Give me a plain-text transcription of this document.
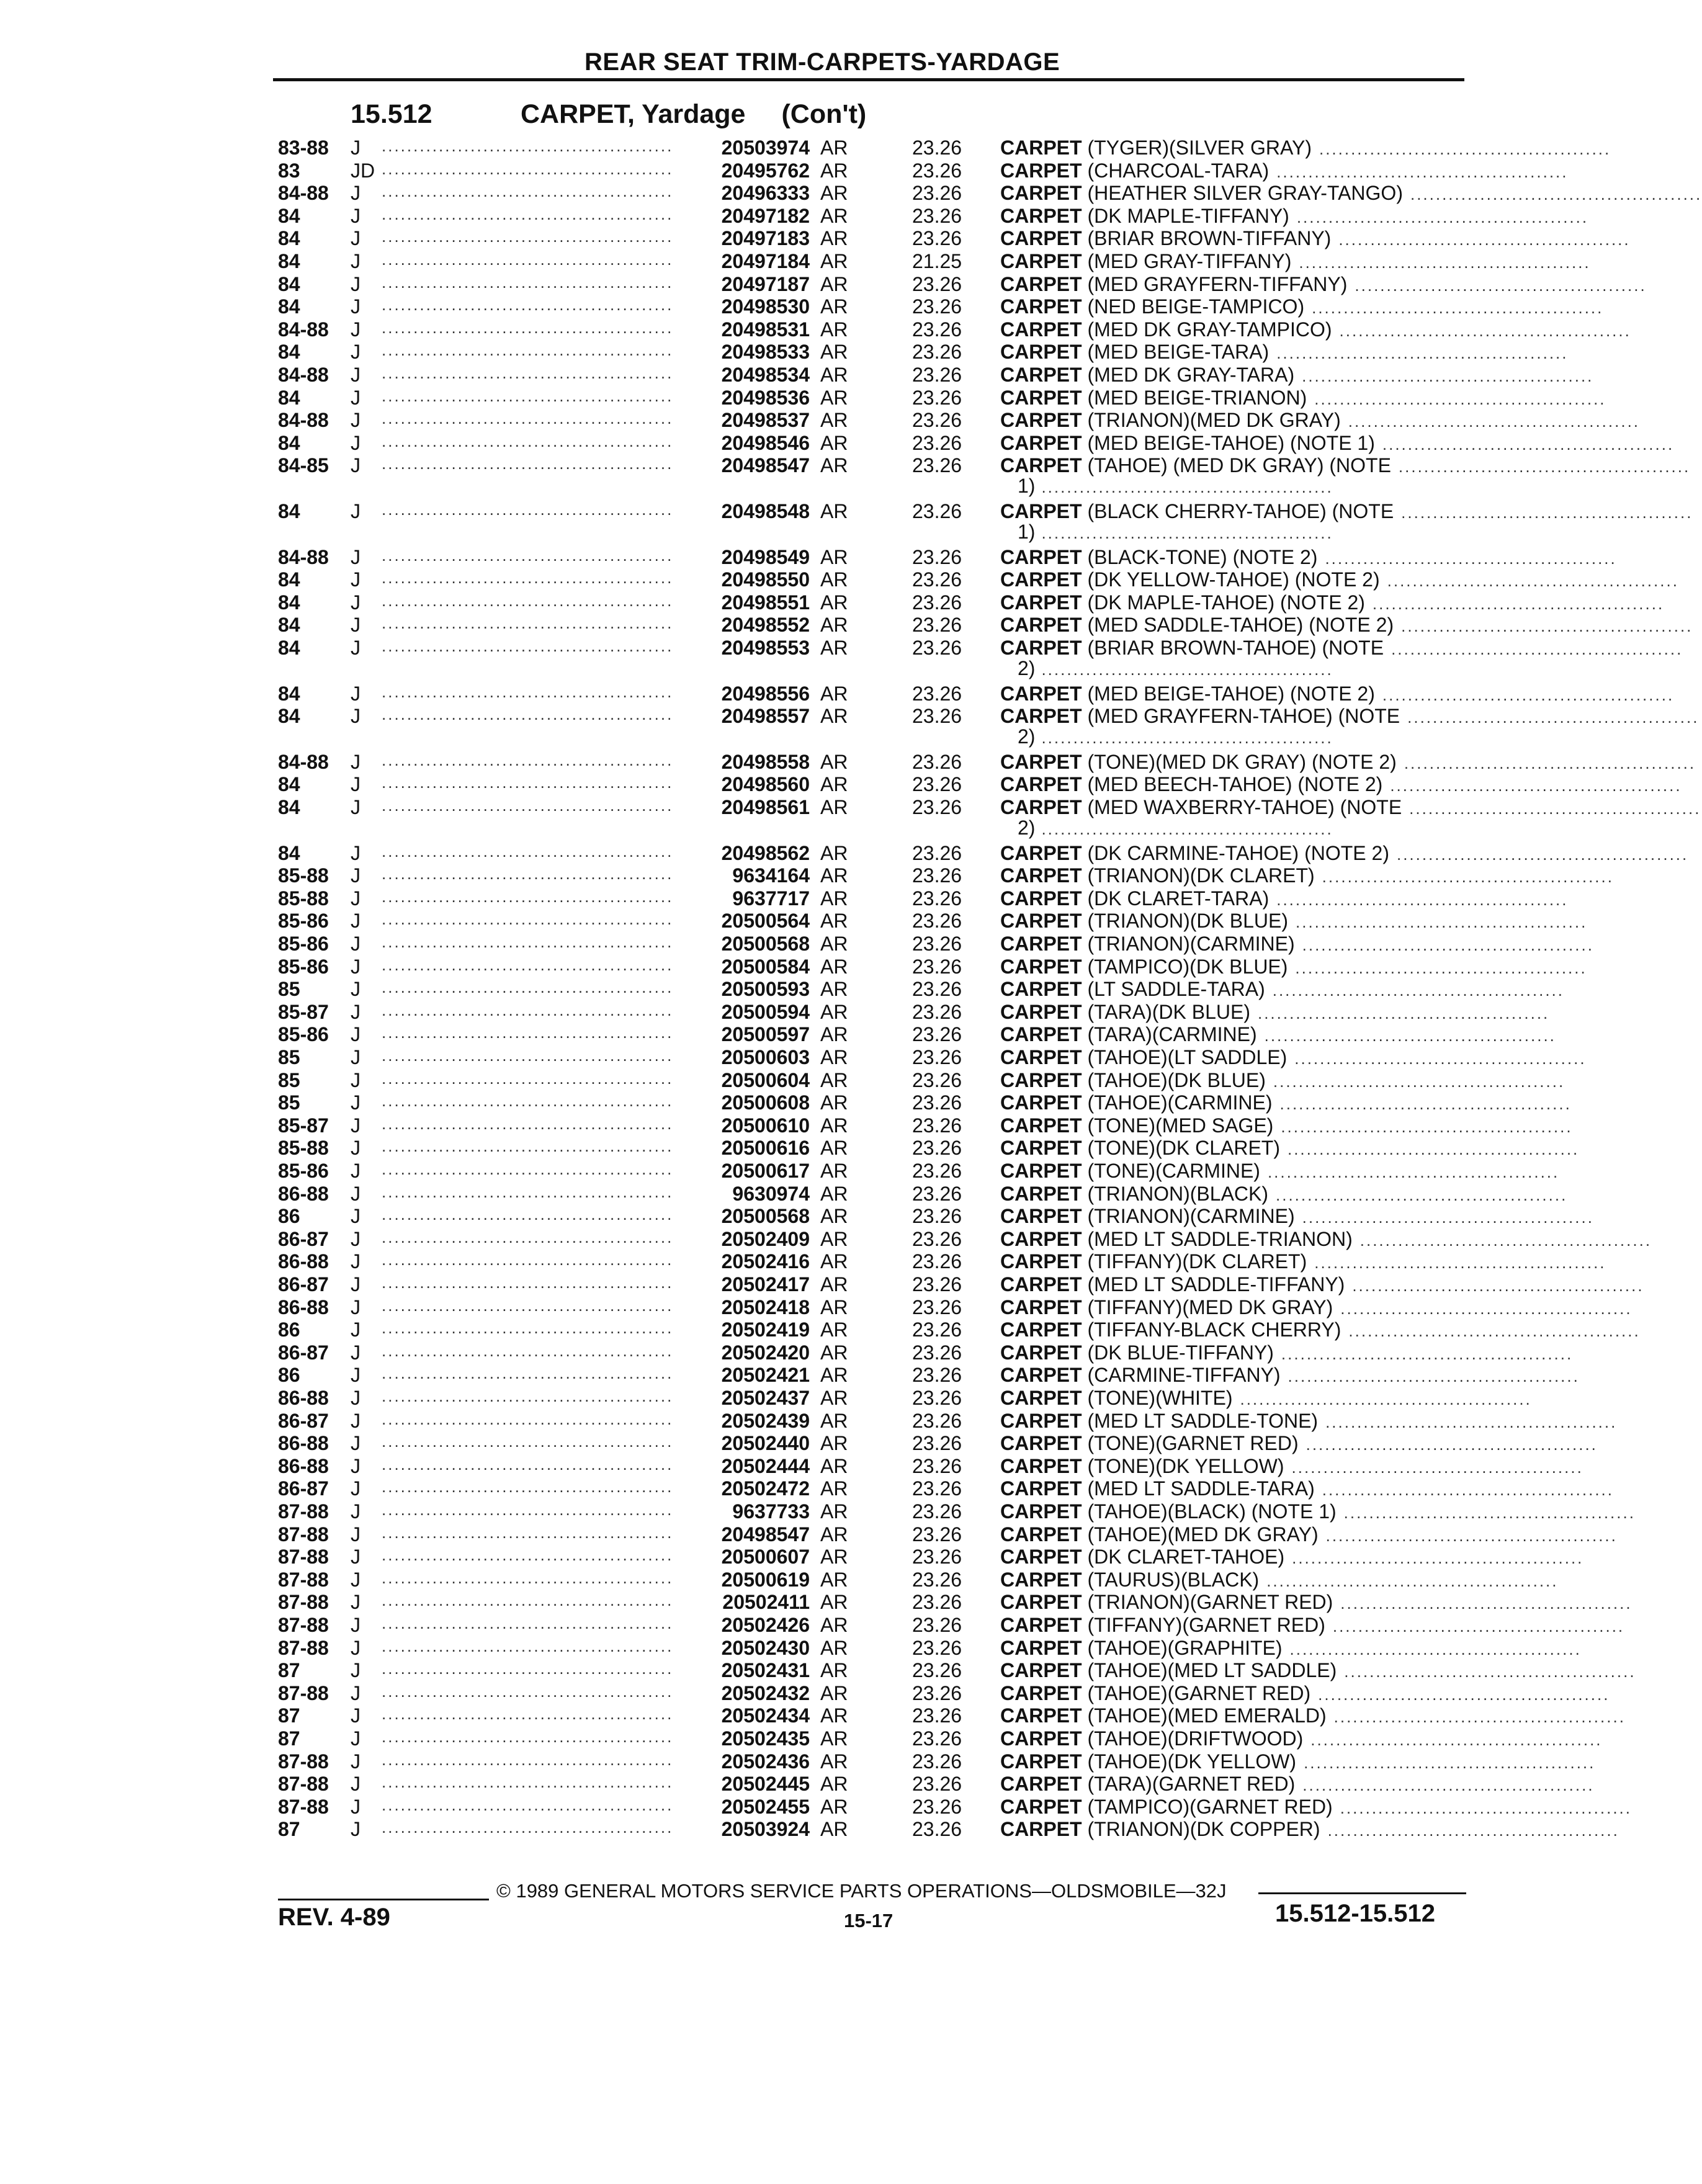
REAR SEAT TRIM-CARPETS-YARDAGE
15.512	CARPET, Yardage (Con't)
83-88	J ..............................................	20503974 AR	23.26 CARPET (TYGER)(SILVER GRAY) ..............................................
83	JD ..............................................	20495762 AR	23.26 CARPET (CHARCOAL-TARA) ..............................................
84-88	J ..............................................	20496333 AR	23.26 CARPET (HEATHER SILVER GRAY-TANGO) ..............................................
84	J ..............................................	20497182 AR	23.26 CARPET (DK MAPLE-TIFFANY) ..............................................
84	J ..............................................	20497183 AR	23.26 CARPET (BRIAR BROWN-TIFFANY) ..............................................
84	J ..............................................	20497184 AR	21.25 CARPET (MED GRAY-TIFFANY) ..............................................
84	J ..............................................	20497187 AR	23.26 CARPET (MED GRAYFERN-TIFFANY) ..............................................
84	J ..............................................	20498530 AR	23.26 CARPET (NED BEIGE-TAMPICO) ..............................................
84-88	J ..............................................	20498531 AR	23.26 CARPET (MED DK GRAY-TAMPICO) ..............................................
84	J ..............................................	20498533 AR	23.26 CARPET (MED BEIGE-TARA) ..............................................
84-88	J ..............................................	20498534 AR	23.26 CARPET (MED DK GRAY-TARA) ..............................................
84	J ..............................................	20498536 AR	23.26 CARPET (MED BEIGE-TRIANON) ..............................................
84-88	J ..............................................	20498537 AR	23.26 CARPET (TRIANON)(MED DK GRAY) ..............................................
84	J ..............................................	20498546 AR	23.26 CARPET (MED BEIGE-TAHOE) (NOTE 1) ..............................................
84-85	J ..............................................	20498547 AR	23.26 CARPET (TAHOE) (MED DK GRAY) (NOTE ..............................................
1) ..............................................
84	J ..............................................	20498548 AR	23.26 CARPET (BLACK CHERRY-TAHOE) (NOTE ..............................................
1) ..............................................
84-88	J ..............................................	20498549 AR	23.26 CARPET (BLACK-TONE) (NOTE 2) ..............................................
84	J ..............................................	20498550 AR	23.26 CARPET (DK YELLOW-TAHOE) (NOTE 2) ..............................................
84	J ..............................................	20498551 AR	23.26 CARPET (DK MAPLE-TAHOE) (NOTE 2) ..............................................
84	J ..............................................	20498552 AR	23.26 CARPET (MED SADDLE-TAHOE) (NOTE 2) ..............................................
84	J ..............................................	20498553 AR	23.26 CARPET (BRIAR BROWN-TAHOE) (NOTE ..............................................
2) ..............................................
84	J ..............................................	20498556 AR	23.26 CARPET (MED BEIGE-TAHOE) (NOTE 2) ..............................................
84	J ..............................................	20498557 AR	23.26 CARPET (MED GRAYFERN-TAHOE) (NOTE ..............................................
2) ..............................................
84-88	J ..............................................	20498558 AR	23.26 CARPET (TONE)(MED DK GRAY) (NOTE 2) ..............................................
84	J ..............................................	20498560 AR	23.26 CARPET (MED BEECH-TAHOE) (NOTE 2) ..............................................
84	J ..............................................	20498561 AR	23.26 CARPET (MED WAXBERRY-TAHOE) (NOTE ..............................................
2) ..............................................
84	J ..............................................	20498562 AR	23.26 CARPET (DK CARMINE-TAHOE) (NOTE 2) ..............................................
85-88	J ..............................................	9634164 AR	23.26 CARPET (TRIANON)(DK CLARET) ..............................................
85-88	J ..............................................	9637717 AR	23.26 CARPET (DK CLARET-TARA) ..............................................
85-86	J ..............................................	20500564 AR	23.26 CARPET (TRIANON)(DK BLUE) ..............................................
85-86	J ..............................................	20500568 AR	23.26 CARPET (TRIANON)(CARMINE) ..............................................
85-86	J ..............................................	20500584 AR	23.26 CARPET (TAMPICO)(DK BLUE) ..............................................
85	J ..............................................	20500593 AR	23.26 CARPET (LT SADDLE-TARA) ..............................................
85-87	J ..............................................	20500594 AR	23.26 CARPET (TARA)(DK BLUE) ..............................................
85-86	J ..............................................	20500597 AR	23.26 CARPET (TARA)(CARMINE) ..............................................
85	J ..............................................	20500603 AR	23.26 CARPET (TAHOE)(LT SADDLE) ..............................................
85	J ..............................................	20500604 AR	23.26 CARPET (TAHOE)(DK BLUE) ..............................................
85	J ..............................................	20500608 AR	23.26 CARPET (TAHOE)(CARMINE) ..............................................
85-87	J ..............................................	20500610 AR	23.26 CARPET (TONE)(MED SAGE) ..............................................
85-88	J ..............................................	20500616 AR	23.26 CARPET (TONE)(DK CLARET) ..............................................
85-86	J ..............................................	20500617 AR	23.26 CARPET (TONE)(CARMINE) ..............................................
86-88	J ..............................................	9630974 AR	23.26 CARPET (TRIANON)(BLACK) ..............................................
86	J ..............................................	20500568 AR	23.26 CARPET (TRIANON)(CARMINE) ..............................................
86-87	J ..............................................	20502409 AR	23.26 CARPET (MED LT SADDLE-TRIANON) ..............................................
86-88	J ..............................................	20502416 AR	23.26 CARPET (TIFFANY)(DK CLARET) ..............................................
86-87	J ..............................................	20502417 AR	23.26 CARPET (MED LT SADDLE-TIFFANY) ..............................................
86-88	J ..............................................	20502418 AR	23.26 CARPET (TIFFANY)(MED DK GRAY) ..............................................
86	J ..............................................	20502419 AR	23.26 CARPET (TIFFANY-BLACK CHERRY) ..............................................
86-87	J ..............................................	20502420 AR	23.26 CARPET (DK BLUE-TIFFANY) ..............................................
86	J ..............................................	20502421 AR	23.26 CARPET (CARMINE-TIFFANY) ..............................................
86-88	J ..............................................	20502437 AR	23.26 CARPET (TONE)(WHITE) ..............................................
86-87	J ..............................................	20502439 AR	23.26 CARPET (MED LT SADDLE-TONE) ..............................................
86-88	J ..............................................	20502440 AR	23.26 CARPET (TONE)(GARNET RED) ..............................................
86-88	J ..............................................	20502444 AR	23.26 CARPET (TONE)(DK YELLOW) ..............................................
86-87	J ..............................................	20502472 AR	23.26 CARPET (MED LT SADDLE-TARA) ..............................................
87-88	J ..............................................	9637733 AR	23.26 CARPET (TAHOE)(BLACK) (NOTE 1) ..............................................
87-88	J ..............................................	20498547 AR	23.26 CARPET (TAHOE)(MED DK GRAY) ..............................................
87-88	J ..............................................	20500607 AR	23.26 CARPET (DK CLARET-TAHOE) ..............................................
87-88	J ..............................................	20500619 AR	23.26 CARPET (TAURUS)(BLACK) ..............................................
87-88	J ..............................................	20502411 AR	23.26 CARPET (TRIANON)(GARNET RED) ..............................................
87-88	J ..............................................	20502426 AR	23.26 CARPET (TIFFANY)(GARNET RED) ..............................................
87-88	J ..............................................	20502430 AR	23.26 CARPET (TAHOE)(GRAPHITE) ..............................................
87	J ..............................................	20502431 AR	23.26 CARPET (TAHOE)(MED LT SADDLE) ..............................................
87-88	J ..............................................	20502432 AR	23.26 CARPET (TAHOE)(GARNET RED) ..............................................
87	J ..............................................	20502434 AR	23.26 CARPET (TAHOE)(MED EMERALD) ..............................................
87	J ..............................................	20502435 AR	23.26 CARPET (TAHOE)(DRIFTWOOD) ..............................................
87-88	J ..............................................	20502436 AR	23.26 CARPET (TAHOE)(DK YELLOW) ..............................................
87-88	J ..............................................	20502445 AR	23.26 CARPET (TARA)(GARNET RED) ..............................................
87-88	J ..............................................	20502455 AR	23.26 CARPET (TAMPICO)(GARNET RED) ..............................................
87	J ..............................................	20503924 AR	23.26 CARPET (TRIANON)(DK COPPER) ..............................................
© 1989 GENERAL MOTORS SERVICE PARTS OPERATIONS—OLDSMOBILE—32J
REV. 4-89	15-17	15.512-15.512
